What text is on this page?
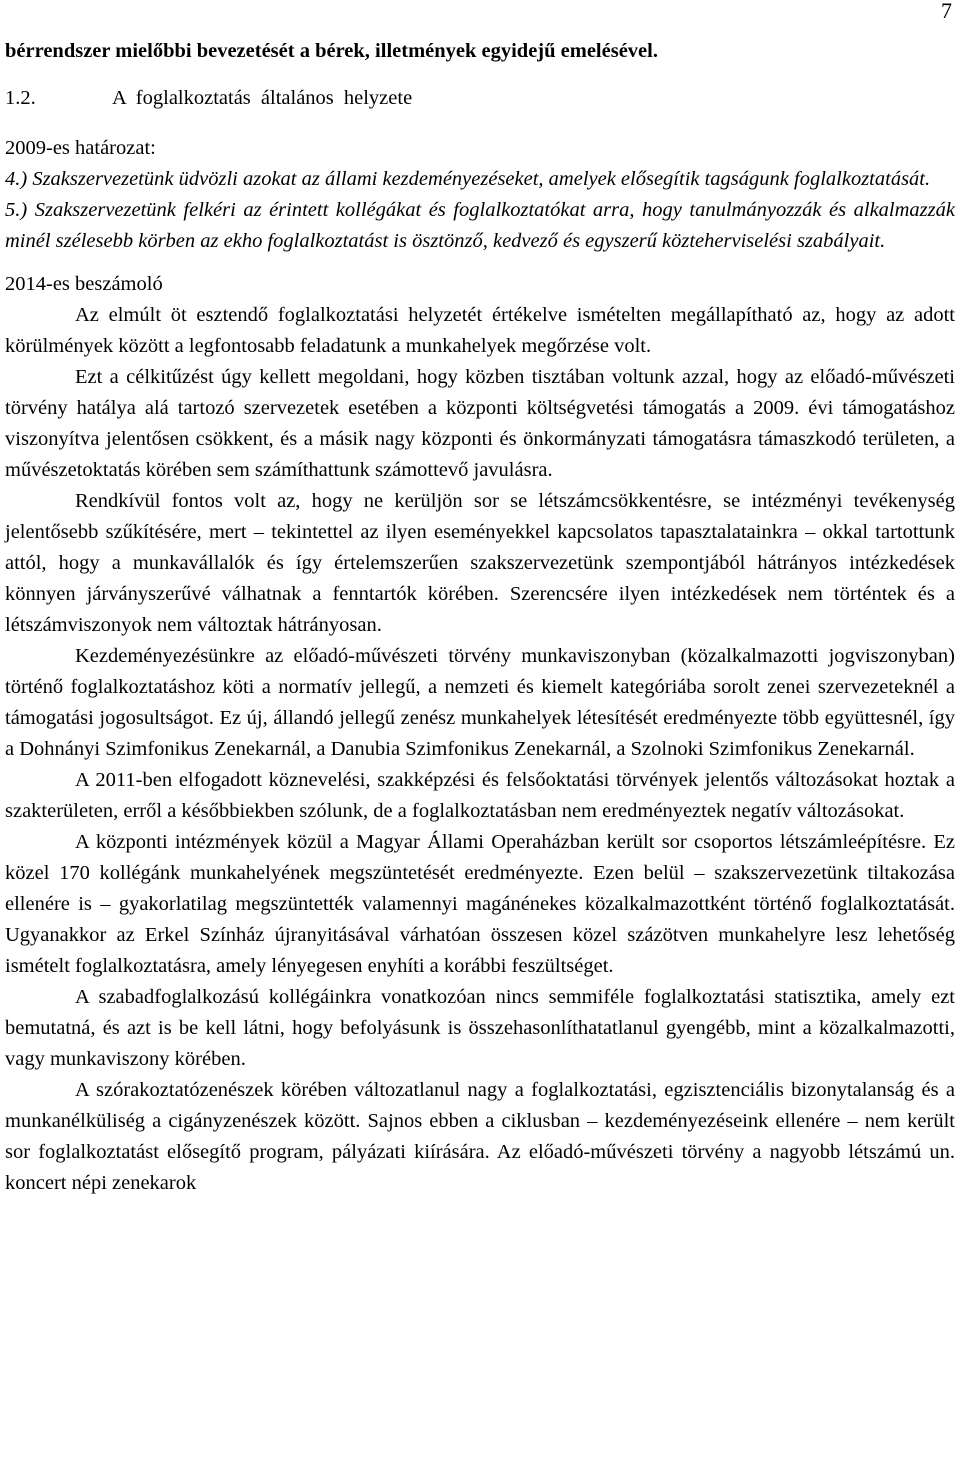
7

bérrendszer mielőbbi bevezetését a bérek, illetmények egyidejű emelésével.

1.2.	A foglalkoztatás általános helyzete

2009-es határozat:

4.) Szakszervezetünk üdvözli azokat az állami kezdeményezéseket, amelyek elősegítik tagságunk foglalkoztatását.

5.) Szakszervezetünk felkéri az érintett kollégákat és foglalkoztatókat arra, hogy tanulmányozzák és alkalmazzák minél szélesebb körben az ekho foglalkoztatást is ösztönző, kedvező és egyszerű közteherviselési szabályait.

2014-es beszámoló

Az elmúlt öt esztendő foglalkoztatási helyzetét értékelve ismételten megállapítható az, hogy az adott körülmények között a legfontosabb feladatunk a munkahelyek megőrzése volt.

Ezt a célkitűzést úgy kellett megoldani, hogy közben tisztában voltunk azzal, hogy az előadó-művészeti törvény hatálya alá tartozó szervezetek esetében a központi költségvetési támogatás a 2009. évi támogatáshoz viszonyítva jelentősen csökkent, és a másik nagy központi és önkormányzati támogatásra támaszkodó területen, a művészetoktatás körében sem számíthattunk számottevő javulásra.

Rendkívül fontos volt az, hogy ne kerüljön sor se létszámcsökkentésre, se intézményi tevékenység jelentősebb szűkítésére, mert – tekintettel az ilyen eseményekkel kapcsolatos tapasztalatainkra – okkal tartottunk attól, hogy a munkavállalók és így értelemszerűen szakszervezetünk szempontjából hátrányos intézkedések könnyen járványszerűvé válhatnak a fenntartók körében. Szerencsére ilyen intézkedések nem történtek és a létszámviszonyok nem változtak hátrányosan.

Kezdeményezésünkre az előadó-művészeti törvény munkaviszonyban (közalkalmazotti jogviszonyban) történő foglalkoztatáshoz köti a normatív jellegű, a nemzeti és kiemelt kategóriába sorolt zenei szervezeteknél a támogatási jogosultságot. Ez új, állandó jellegű zenész munkahelyek létesítését eredményezte több együttesnél, így a Dohnányi Szimfonikus Zenekarnál, a Danubia Szimfonikus Zenekarnál, a Szolnoki Szimfonikus Zenekarnál.

A 2011-ben elfogadott köznevelési, szakképzési és felsőoktatási törvények jelentős változásokat hoztak a szakterületen, erről a későbbiekben szólunk, de a foglalkoztatásban nem eredményeztek negatív változásokat.

A központi intézmények közül a Magyar Állami Operaházban került sor csoportos létszámleépítésre. Ez közel 170 kollégánk munkahelyének megszüntetését eredményezte. Ezen belül – szakszervezetünk tiltakozása ellenére is – gyakorlatilag megszüntették valamennyi magánénekes közalkalmazottként történő foglalkoztatását. Ugyanakkor az Erkel Színház újranyitásával várhatóan összesen közel százötven munkahelyre lesz lehetőség ismételt foglalkoztatásra, amely lényegesen enyhíti a korábbi feszültséget.

A szabadfoglalkozású kollégáinkra vonatkozóan nincs semmiféle foglalkoztatási statisztika, amely ezt bemutatná, és azt is be kell látni, hogy befolyásunk is összehasonlíthatatlanul gyengébb, mint a közalkalmazotti, vagy munkaviszony körében.

A szórakoztatózenészek körében változatlanul nagy a foglalkoztatási, egzisztenciális bizonytalanság és a munkanélküliség a cigányzenészek között. Sajnos ebben a ciklusban – kezdeményezéseink ellenére – nem került sor foglalkoztatást elősegítő program, pályázati kiírására. Az előadó-művészeti törvény a nagyobb létszámú un. koncert népi zenekarok
